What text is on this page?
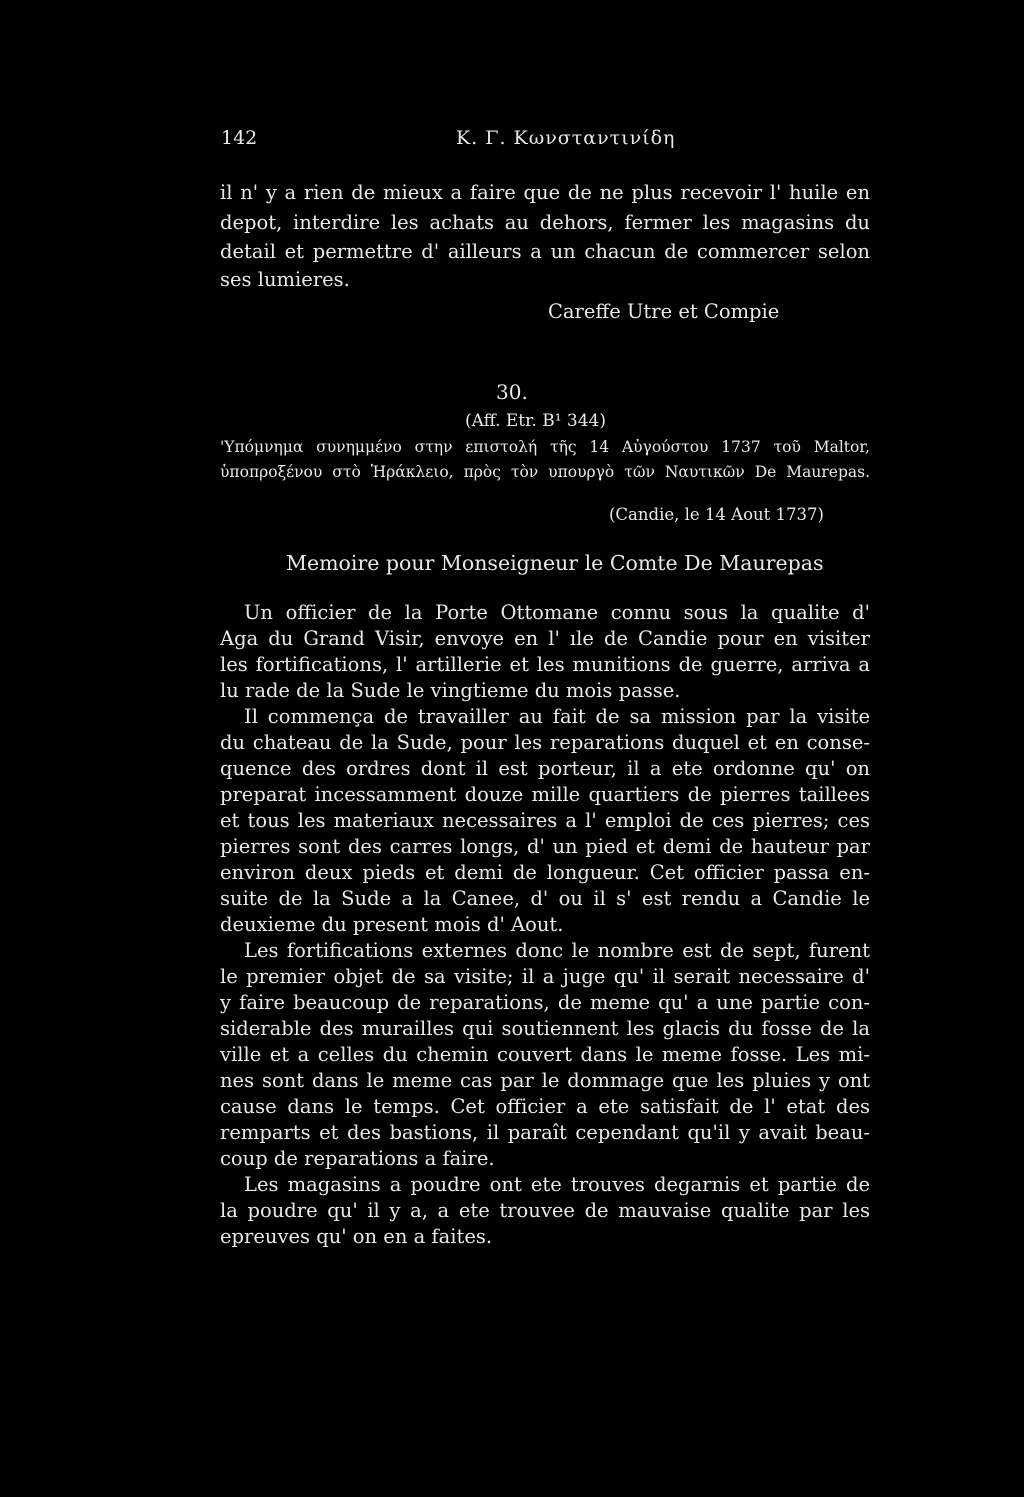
142	K. Γ. Κωνσταντινίδη
il n' y a rien de mieux a faire que de ne plus recevoir l' huile en
depot, interdire les achats au dehors, fermer les magasins du
detail et permettre d' ailleurs a un chacun de commercer selon
ses lumieres.
Careffe Utre et Compie
30.
(Aff. Etr. B¹ 344)
'Υπόμνημα συνημμένο στην επιστολή τῆς 14 Αὐγούστου 1737 τοῦ Maltor,
ὑποπροξένου στὸ Ἡράκλειο, πρὸς τὸν υπουργὸ τῶν Ναυτικῶν De Maurepas.
(Candie, le 14 Aout 1737)
Memoire pour Monseigneur le Comte De Maurepas
Un officier de la Porte Ottomane connu sous la qualite d'
Aga du Grand Visir, envoye en l' ıle de Candie pour en visiter
les fortifications, l' artillerie et les munitions de guerre, arriva a
lu rade de la Sude le vingtieme du mois passe.
Il commença de travailler au fait de sa mission par la visite
du chateau de la Sude, pour les reparations duquel et en conse-
quence des ordres dont il est porteur, il a ete ordonne qu' on
preparat incessamment douze mille quartiers de pierres taillees
et tous les materiaux necessaires a l' emploi de ces pierres; ces
pierres sont des carres longs, d' un pied et demi de hauteur par
environ deux pieds et demi de longueur. Cet officier passa en-
suite de la Sude a la Canee, d' ou il s' est rendu a Candie le
deuxieme du present mois d' Aout.
Les fortifications externes donc le nombre est de sept, furent
le premier objet de sa visite; il a juge qu' il serait necessaire d'
y faire beaucoup de reparations, de meme qu' a une partie con-
siderable des murailles qui soutiennent les glacis du fosse de la
ville et a celles du chemin couvert dans le meme fosse. Les mi-
nes sont dans le meme cas par le dommage que les pluies y ont
cause dans le temps. Cet officier a ete satisfait de l' etat des
remparts et des bastions, il paraît cependant qu'il y avait beau-
coup de reparations a faire.
Les magasins a poudre ont ete trouves degarnis et partie de
la poudre qu' il y a, a ete trouvee de mauvaise qualite par les
epreuves qu' on en a faites.
